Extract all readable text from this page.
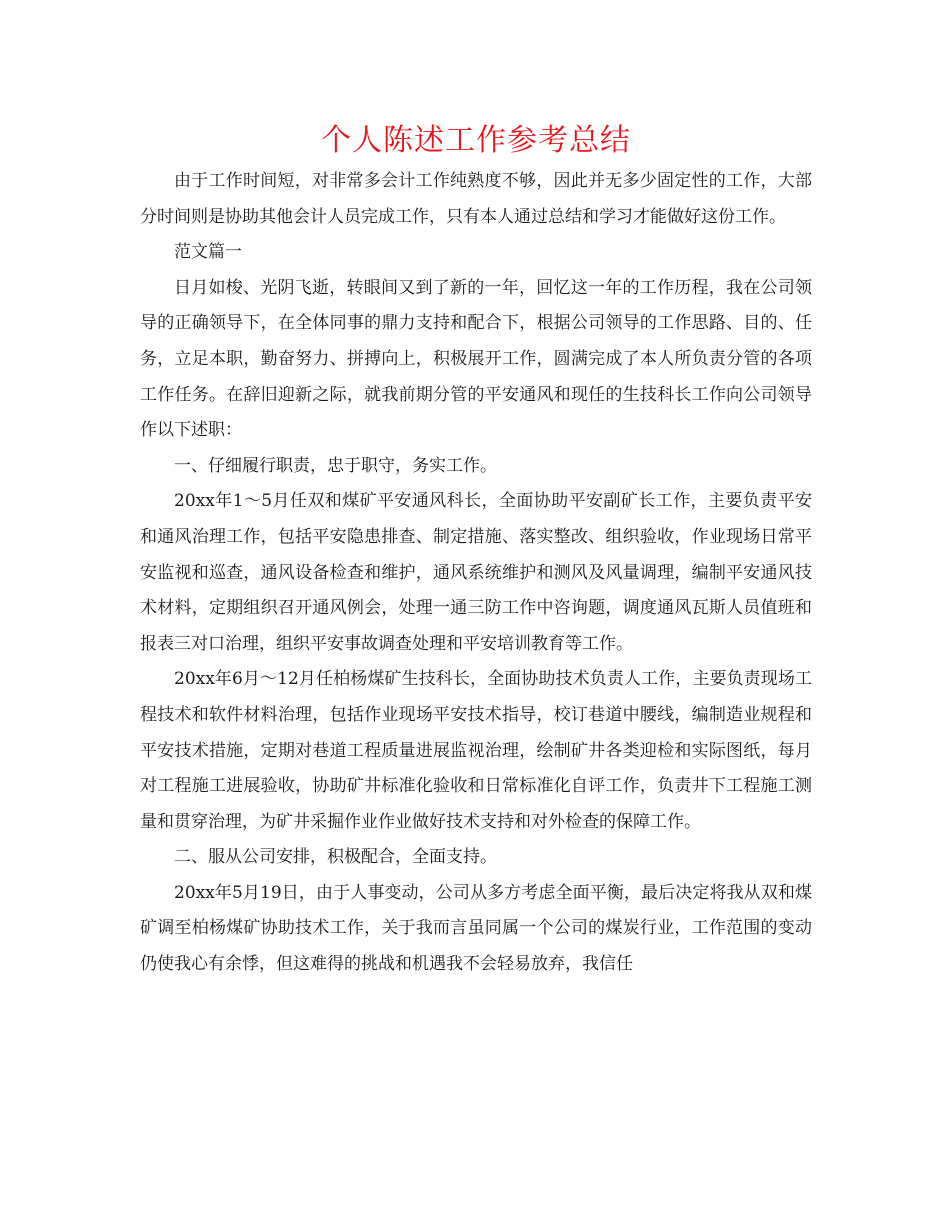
个人陈述工作参考总结

由于工作时间短，对非常多会计工作纯熟度不够，因此并无多少固定性的工作，大部分时间则是协助其他会计人员完成工作，只有本人通过总结和学习才能做好这份工作。

范文篇一

日月如梭、光阴飞逝，转眼间又到了新的一年，回忆这一年的工作历程，我在公司领导的正确领导下，在全体同事的鼎力支持和配合下，根据公司领导的工作思路、目的、任务，立足本职，勤奋努力、拼搏向上，积极展开工作，圆满完成了本人所负责分管的各项工作任务。在辞旧迎新之际，就我前期分管的平安通风和现任的生技科长工作向公司领导作以下述职：

一、仔细履行职责，忠于职守，务实工作。

20xx年1～5月任双和煤矿平安通风科长，全面协助平安副矿长工作，主要负责平安和通风治理工作，包括平安隐患排查、制定措施、落实整改、组织验收，作业现场日常平安监视和巡查，通风设备检查和维护，通风系统维护和测风及风量调理，编制平安通风技术材料，定期组织召开通风例会，处理一通三防工作中咨询题，调度通风瓦斯人员值班和报表三对口治理，组织平安事故调查处理和平安培训教育等工作。

20xx年6月～12月任柏杨煤矿生技科长，全面协助技术负责人工作，主要负责现场工程技术和软件材料治理，包括作业现场平安技术指导，校订巷道中腰线，编制造业规程和平安技术措施，定期对巷道工程质量进展监视治理，绘制矿井各类迎检和实际图纸，每月对工程施工进展验收，协助矿井标准化验收和日常标准化自评工作，负责井下工程施工测量和贯穿治理，为矿井采掘作业作业做好技术支持和对外检查的保障工作。

二、服从公司安排，积极配合，全面支持。

20xx年5月19日，由于人事变动，公司从多方考虑全面平衡，最后决定将我从双和煤矿调至柏杨煤矿协助技术工作，关于我而言虽同属一个公司的煤炭行业，工作范围的变动仍使我心有余悸，但这难得的挑战和机遇我不会轻易放弃，我信任
